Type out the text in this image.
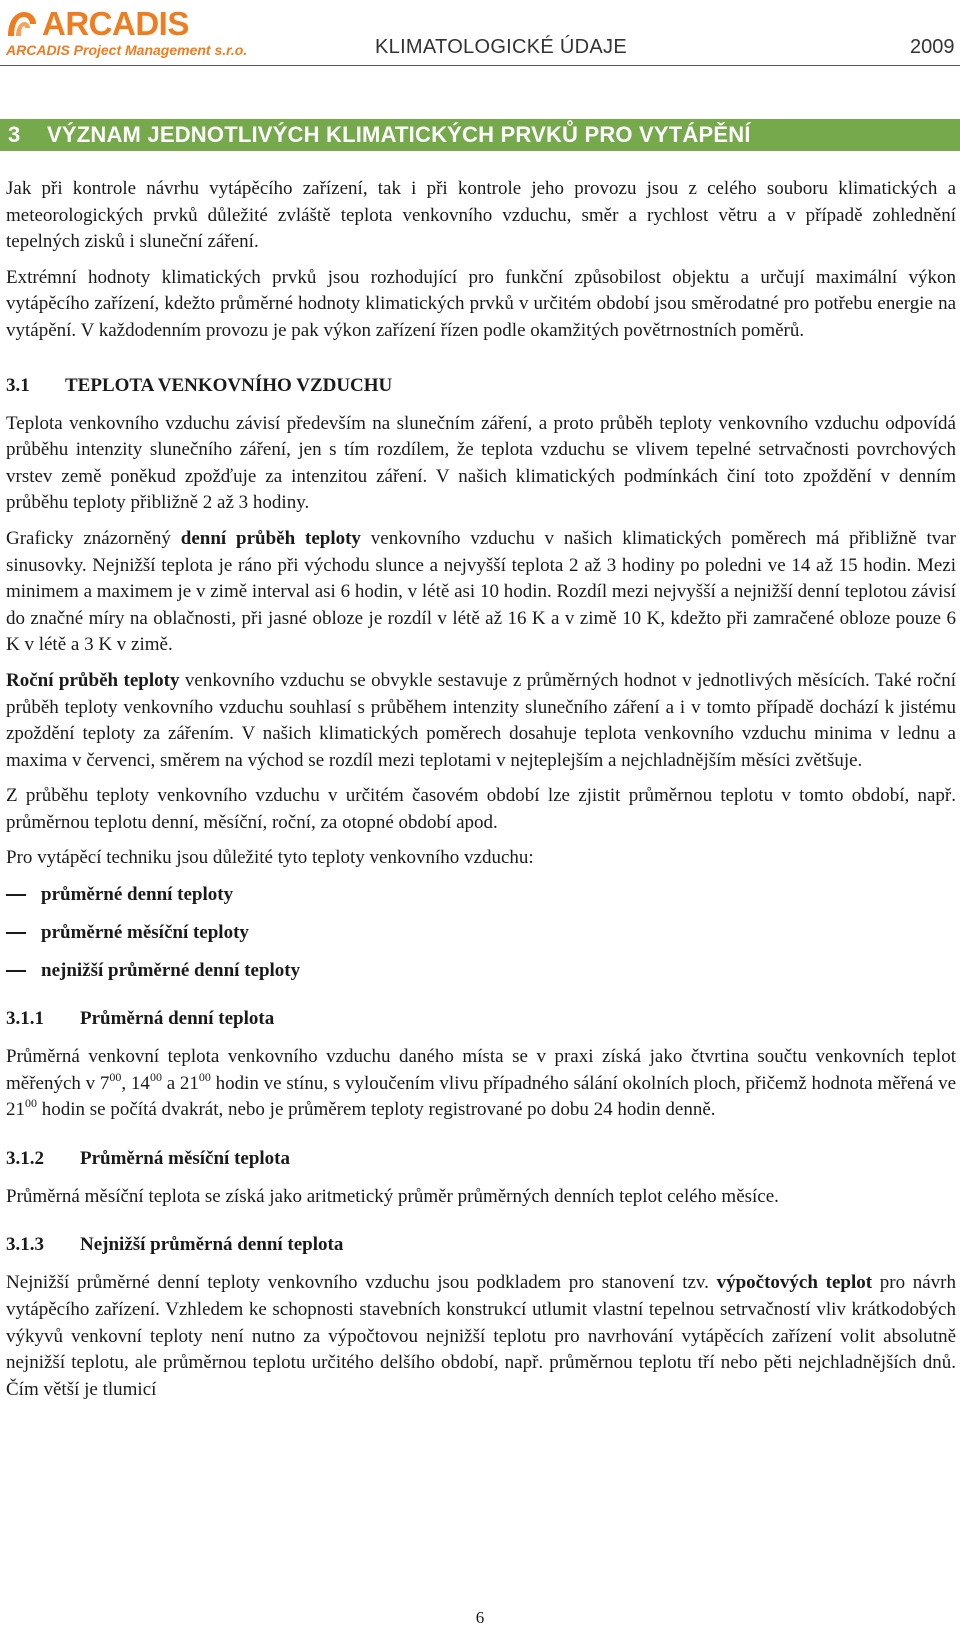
ARCADIS
ARCADIS Project Management s.r.o.	KLIMATOLOGICKÉ ÚDAJE	2009
3 VÝZNAM JEDNOTLIVÝCH KLIMATICKÝCH PRVKŮ PRO VYTÁPĚNÍ

Jak při kontrole návrhu vytápěcího zařízení, tak i při kontrole jeho provozu jsou z celého souboru klimatických a meteorologických prvků důležité zvláště teplota venkovního vzduchu, směr a rychlost větru a v případě zohlednění tepelných zisků i sluneční záření.

Extrémní hodnoty klimatických prvků jsou rozhodující pro funkční způsobilost objektu a určují maximální výkon vytápěcího zařízení, kdežto průměrné hodnoty klimatických prvků v určitém období jsou směrodatné pro potřebu energie na vytápění. V každodenním provozu je pak výkon zařízení řízen podle okamžitých povětrnostních poměrů.

3.1 TEPLOTA VENKOVNÍHO VZDUCHU

Teplota venkovního vzduchu závisí především na slunečním záření, a proto průběh teploty venkovního vzduchu odpovídá průběhu intenzity slunečního záření, jen s tím rozdílem, že teplota vzduchu se vlivem tepelné setrvačnosti povrchových vrstev země poněkud zpožďuje za intenzitou záření. V našich klimatických podmínkách činí toto zpoždění v denním průběhu teploty přibližně 2 až 3 hodiny.

Graficky znázorněný denní průběh teploty venkovního vzduchu v našich klimatických poměrech má přibližně tvar sinusovky. Nejnižší teplota je ráno při východu slunce a nejvyšší teplota 2 až 3 hodiny po poledni ve 14 až 15 hodin. Mezi minimem a maximem je v zimě interval asi 6 hodin, v létě asi 10 hodin. Rozdíl mezi nejvyšší a nejnižší denní teplotou závisí do značné míry na oblačnosti, při jasné obloze je rozdíl v létě až 16 K a v zimě 10 K, kdežto při zamračené obloze pouze 6 K v létě a 3 K v zimě.

Roční průběh teploty venkovního vzduchu se obvykle sestavuje z průměrných hodnot v jednotlivých měsících. Také roční průběh teploty venkovního vzduchu souhlasí s průběhem intenzity slunečního záření a i v tomto případě dochází k jistému zpoždění teploty za zářením. V našich klimatických poměrech dosahuje teplota venkovního vzduchu minima v lednu a maxima v červenci, směrem na východ se rozdíl mezi teplotami v nejteplejším a nejchladnějším měsíci zvětšuje.

Z průběhu teploty venkovního vzduchu v určitém časovém období lze zjistit průměrnou teplotu v tomto období, např. průměrnou teplotu denní, měsíční, roční, za otopné období apod.

Pro vytápěcí techniku jsou důležité tyto teploty venkovního vzduchu:

průměrné denní teploty
průměrné měsíční teploty
nejnižší průměrné denní teploty
3.1.1 Průměrná denní teplota

Průměrná venkovní teplota venkovního vzduchu daného místa se v praxi získá jako čtvrtina součtu venkovních teplot měřených v $7^{00}$, $14^{00}$ a $21^{00}$ hodin ve stínu, s vyloučením vlivu případného sálání okolních ploch, přičemž hodnota měřená ve $21^{00}$ hodin se počítá dvakrát, nebo je průměrem teploty registrované po dobu 24 hodin denně.

3.1.2 Průměrná měsíční teplota

Průměrná měsíční teplota se získá jako aritmetický průměr průměrných denních teplot celého měsíce.

3.1.3 Nejnižší průměrná denní teplota

Nejnižší průměrné denní teploty venkovního vzduchu jsou podkladem pro stanovení tzv. výpočtových teplot pro návrh vytápěcího zařízení. Vzhledem ke schopnosti stavebních konstrukcí utlumit vlastní tepelnou setrvačností vliv krátkodobých výkyvů venkovní teploty není nutno za výpočtovou nejnižší teplotu pro navrhování vytápěcích zařízení volit absolutně nejnižší teplotu, ale průměrnou teplotu určitého delšího období, např. průměrnou teplotu tří nebo pěti nejchladnějších dnů. Čím větší je tlumicí

6
